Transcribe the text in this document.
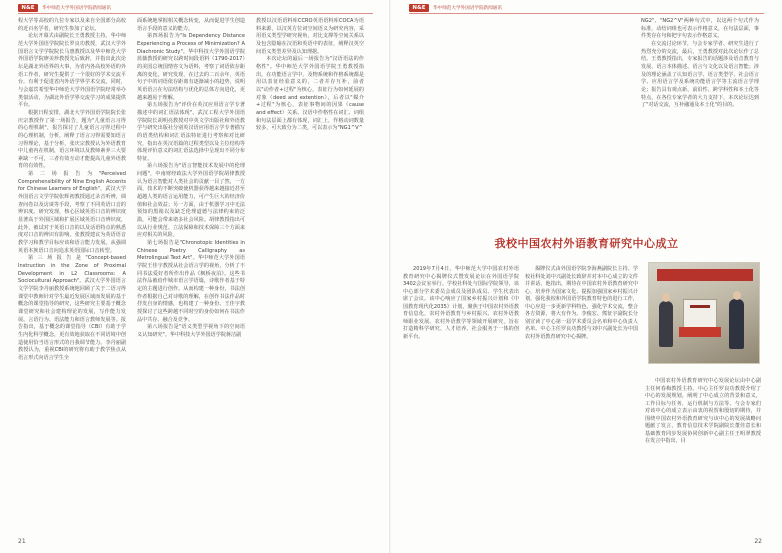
N&E	华中师范大学外国语学院新闻通讯

程大学等高校的九位专家以及来自全国部分高校的近百名学者，研究生参加了论坛。

论坛开幕式由副院长王勇教授主持。华中师范大学外国语学院院长罗良功教授，武汉大学外国语言文学学院院长马惠教授以及华中师范大学外国语学院廖美珍教授先后致辞，并指出此次论坛是湖北外语界的大事，为省内各高校外语的外语工作者，研究生提供了一个很好的学术交流平台，有利于促进省内外语学界学术交流，同时，与会嘉宾希望华中师范大学外国语学院经常举办类似活动，为湖北外语学界交流学习的成果提供平台。

根据日程安排，湖北大学外国语学院院长张庆宗教授作了第一场报告，题为"儿童语言习得的心理机制"，报告探讨了儿童语言习得过程中的心理机制，分析，阐释了语言习得需要知语言习得理论，基于分析，张庆宗教授认为外语教育中儿童内在机制，语言环境以及教师素养三大要素缺一不可，三者有效互动才能提高儿童外语教育的有效性。

第二场报告为"Perceived Comprehensibility of Nine English Accents for Chinese Learners of English"，武汉大学外国语言文学学院张辉初教授通过录音听辨，调查问卷以及访谈等手段，考察了不同英语口音的辨识度。研究发现，核心区域英语口音的辨识度显著高于外围区域和扩展区域英语口音辨识度，此外，被试对于英语口音的以及话语特点的熟悉度对口音的辨识有影响。张教授建议为英语语音教学习和教学目标应该和语言能力发展。从强调英语本族语口音向追求英语国际口音转型。

第三场报告是"Concept-based Instruction in the Zone of Proximal Development in L2 Classrooms: A Sociocultural Approach"。武汉大学外国语言文学学院李丹丽教授系统地回顾了关于二语习得课堂中教师针对学生最近发展区域而发展的基于概念的课堂指导的研究，这些研究主要基于概念课堂研究和社会建构理论的发展，写作能力发展、言语行为、语法能力和语言教师发展等。报告指出，基于概念的课堂指导（CBI）有助于学生内化科学概念，更有效地获取在不同语境中创造使用恰当语言形式的自我调节能力。李丹丽副教授认为，重视CBI的研究将有助于教学焦点从语言形式向语言学生全

面系统地掌握相关概念转变，从而促进学生创造语言手段的意义的能力。

第四场报告为"Is Dependency Distance Experiencing a Process of Minimization? A Diachronic Study"。华中科技大学外国语学院蓝薇教授的研究以跨时间段语料（1790-2017）的美国总统国情咨文为语料，考察了词语依存距离的变化。研究发现，在过去的二百余年，英语句子中的词语依存距离有逐渐减小的趋势，说明英语语言在句法结构与优化的总体方向进化，更越来越易于理解。

第五场报告为"评价在英汉应用语言学专著描述中的词汇语法体现"。武汉工程大学外国语学院院长胡明亮教授对中英文学出版社和外语教学与研究出版社分别英汉语应用语言学专著描写的语类结构和词汇语法特征进行考察和对比研究，指出在英汉语篇的过程类型以及主位结构等体现评价意义的词汇语法选择中呈现出不同分布特征。

第六场报告为"语言智能技术发展中的伦理问题"，中南财经政法大学外国语学院胡律教授认为语言智能对人类社会的贡献一目了然，一方面，技术的不断突破使机器获得越来越接近甚至超越人类的语言运用能力，可产生巨大的经济价值和社会效益；另一方面，由于机器学习中无法预知的黑箱以及缺乏伦理道德与法律约束的泛滥，可能会带来诸多社会风险。胡律教授指出可以从行业规范、立法保障和技术保障三个方面来应对相关的风险。

第七场报告是"Chronotopic Identities in Chinese Poetry Calligraphy as Metrolingual Text Art"。华中师范大学外国语学院王佳宇教授从社会语言学的视角，分析了不同书法爱好者所作出作品《枫桥夜泊》。这些书法作品被给作城市语言学语篇，诗歌作者基于特定的主题进行创作。从而构建一种身份，书法创作者根据自己对诗歌的理解，在创作书法作品时抒发自身的情感，也构建了一种身份。王佳宇教授探讨了这些跨越不同时空的身份如何在书法作品中共存、融合及竞争。

第八场报告是"语义类型学视角下的空间语义认知研究"。华中科技大学外国语学院蒋洁副

教授以汉语语料库CCRO英语语料库COCA为语料来源，以汉英方位词空间语义为研究内容，采用语义类型学研究视角，对比支撑等空间关系以及包含隐喻在汉语和英语中的表征，阐释汉英空间语义类型差异及认知理据。

本次论坛的最后一场报告为"汉语语法的作格性"。华中师范大学外国语学院王勇教授指出，在功能语言学中，及物系统和作格系统都是用以表征经验意义的，二者并存互补，前者以"动作者+过程"为核心，表征行为如何延展的对象（deed and extention），后者以"媒介+过程"为核心，表征事物间的因果（cause and effect）关系。汉语中作格性在词汇、词组和句法层面上都有体现，词汇上，作格动词数量较多，可大致分为二类，可以表示为"NG1^V^

21
N&E	华中师范大学外国语学院新闻通讯

NG2"、"NG2^V"两种句式中，以这两个句式作为标准，动结词组也可表示作格意义，在句法层面，事件类存在句和把字句表示作格意义。

在交流讨论环节，与会专家学者、研究生进行了热烈充分的交流，最后，王勇教授对此次论坛作了总结。王勇教授指出，专家报告的话题涉及语音教育与发展、语言本体描述、语言与文化以及语言智能；涉及的理论涵盖了认知语言学、语言类型学、社会语言学、应用语言学及系统功能语言学等主流语言学理论；报告具有观点新、前沿性、跨学科性和本土化等特点，在各位专家学者的大力支持下，本次论坛达到了"对话交流，互补融通及本土化"的目的。

我校中国农村外语教育研究中心成立

2019年7月4日，华中师范大学中国农村外语教育研究中心揭牌仪式暨发展论坛在外国语学院3402会议室举行。学校社科处与国际学院领导，该中心部分学术委员会成员及团队成员、学生代表出席了会议。该中心响应了国家乡村振兴计划和《中国教育现代化2035》计划，聚焦于中国农村外语教育信息化，农村外语教育与乡村振兴、农村外语教师职业发展、农村外语教学等领域开展研究，旨在打造精科学研究、人才培养、社会服务于一体的创新平台。

揭牌仪式由外国语学院李海燕副院长主持。学校社科处刘中兴副处长致辞并对本中心成立的文件并讲话，他指出，期待在中国农村外语教育研究中心，培养作为国家文化、提振加强国家乡村振兴计划，强化我校和外国语学院教育特色的进行工作，中心应进一步更新学科特色，强化学术交流，整合各方资源，将大有作为。李俊宏、熊征宇副院长分别宣读了中心第一届学术委员会名单和中心负责人名单。中心主任罗良功教授与刘中兴副处长为中国农村外语教育研究中心揭牌。

中国农村外语教育研究中心发展论坛由中心副主任何春梅教授主持。中心主任罗良功教授介绍了中心的发展规划，阐明了中心成立的背景和意义，工作目标与任务，运行机制与方法等。与会专家们对该中心的成立表示由衷的祝贺和殷切的期待，并围绕中国农村外语教育研究与该中心的发展战略问题献了发言，教育信息技术学院副院长董佳意长和基础教育同步发展协同创新中心副主任王明翠教授在发言中指出，目

22
